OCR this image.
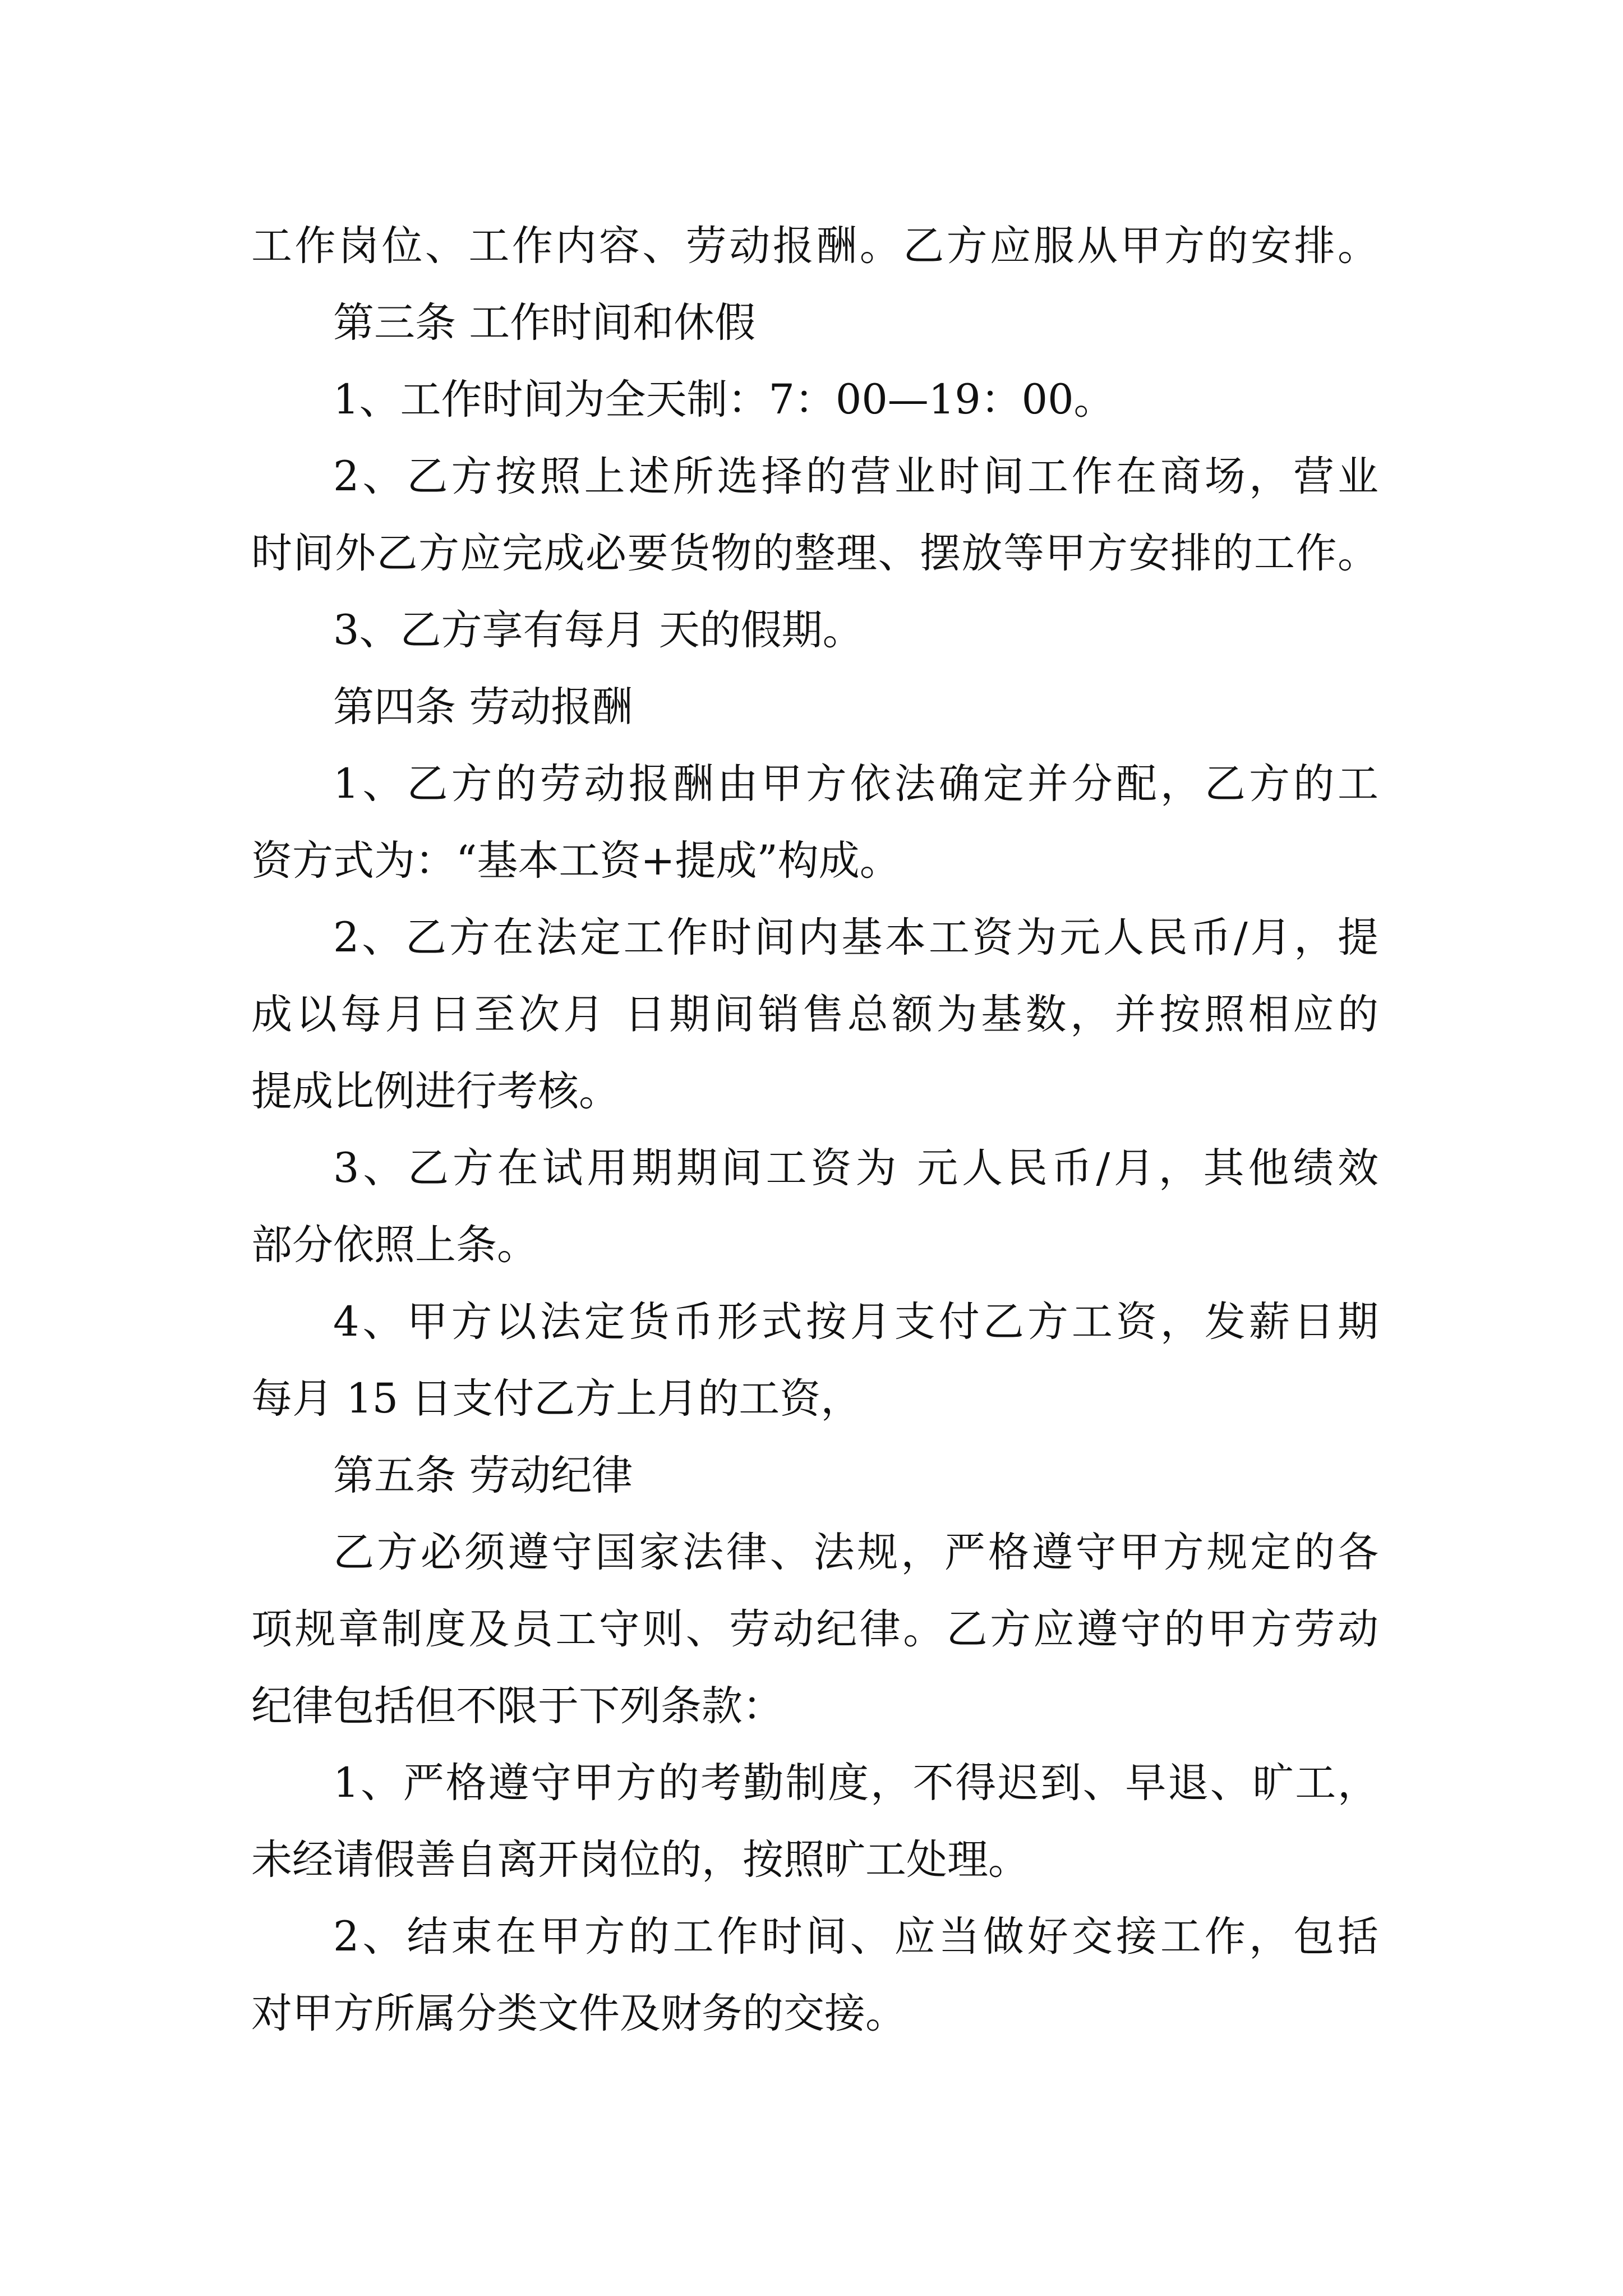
工作岗位、工作内容、劳动报酬。乙方应服从甲方的安排。
第三条 工作时间和休假
1、工作时间为全天制：7：00—19：00。
2、乙方按照上述所选择的营业时间工作在商场，营业
时间外乙方应完成必要货物的整理、摆放等甲方安排的工作。
3、乙方享有每月 天的假期。
第四条 劳动报酬
1、乙方的劳动报酬由甲方依法确定并分配，乙方的工
资方式为：“基本工资+提成”构成。
2、乙方在法定工作时间内基本工资为元人民币/月，提
成以每月日至次月 日期间销售总额为基数，并按照相应的
提成比例进行考核。
3、乙方在试用期期间工资为 元人民币/月，其他绩效
部分依照上条。
4、甲方以法定货币形式按月支付乙方工资，发薪日期
每月 15 日支付乙方上月的工资，
第五条 劳动纪律
乙方必须遵守国家法律、法规，严格遵守甲方规定的各
项规章制度及员工守则、劳动纪律。乙方应遵守的甲方劳动
纪律包括但不限于下列条款：
1、严格遵守甲方的考勤制度，不得迟到、早退、旷工，
未经请假善自离开岗位的，按照旷工处理。
2、结束在甲方的工作时间、应当做好交接工作，包括
对甲方所属分类文件及财务的交接。
